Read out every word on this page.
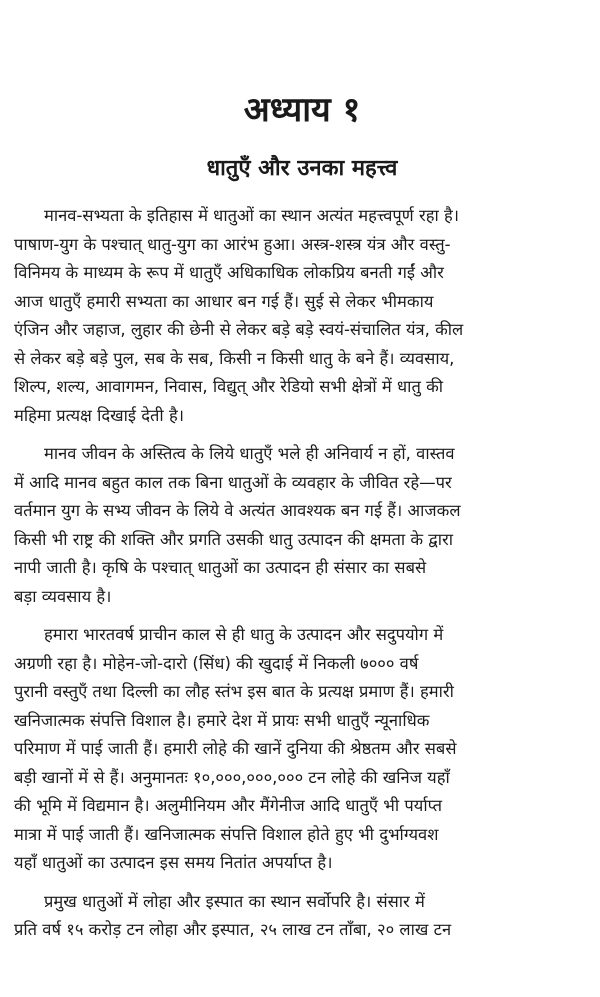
अध्याय १
धातुएँ और उनका महत्त्व
मानव-सभ्यता के इतिहास में धातुओं का स्थान अत्यंत महत्त्वपूर्ण रहा है।
पाषाण-युग के पश्चात् धातु-युग का आरंभ हुआ। अस्त्र-शस्त्र यंत्र और वस्तु-
विनिमय के माध्यम के रूप में धातुएँ अधिकाधिक लोकप्रिय बनती गईं और
आज धातुएँ हमारी सभ्यता का आधार बन गई हैं। सुई से लेकर भीमकाय
एंजिन और जहाज, लुहार की छेनी से लेकर बड़े बड़े स्वयं-संचालित यंत्र, कील
से लेकर बड़े बड़े पुल, सब के सब, किसी न किसी धातु के बने हैं। व्यवसाय,
शिल्प, शल्य, आवागमन, निवास, विद्युत् और रेडियो सभी क्षेत्रों में धातु की
महिमा प्रत्यक्ष दिखाई देती है।
मानव जीवन के अस्तित्व के लिये धातुएँ भले ही अनिवार्य न हों, वास्तव
में आदि मानव बहुत काल तक बिना धातुओं के व्यवहार के जीवित रहे—पर
वर्तमान युग के सभ्य जीवन के लिये वे अत्यंत आवश्यक बन गई हैं। आजकल
किसी भी राष्ट्र की शक्ति और प्रगति उसकी धातु उत्पादन की क्षमता के द्वारा
नापी जाती है। कृषि के पश्चात् धातुओं का उत्पादन ही संसार का सबसे
बड़ा व्यवसाय है।
हमारा भारतवर्ष प्राचीन काल से ही धातु के उत्पादन और सदुपयोग में
अग्रणी रहा है। मोहेन-जो-दारो (सिंध) की खुदाई में निकली ७००० वर्ष
पुरानी वस्तुएँ तथा दिल्ली का लौह स्तंभ इस बात के प्रत्यक्ष प्रमाण हैं। हमारी
खनिजात्मक संपत्ति विशाल है। हमारे देश में प्रायः सभी धातुएँ न्यूनाधिक
परिमाण में पाई जाती हैं। हमारी लोहे की खानें दुनिया की श्रेष्ठतम और सबसे
बड़ी खानों में से हैं। अनुमानतः १०,०००,०००,००० टन लोहे की खनिज यहाँ
की भूमि में विद्यमान है। अलुमीनियम और मैंगेनीज आदि धातुएँ भी पर्याप्त
मात्रा में पाई जाती हैं। खनिजात्मक संपत्ति विशाल होते हुए भी दुर्भाग्यवश
यहाँ धातुओं का उत्पादन इस समय नितांत अपर्याप्त है।
प्रमुख धातुओं में लोहा और इस्पात का स्थान सर्वोपरि है। संसार में
प्रति वर्ष १५ करोड़ टन लोहा और इस्पात, २५ लाख टन ताँबा, २० लाख टन
